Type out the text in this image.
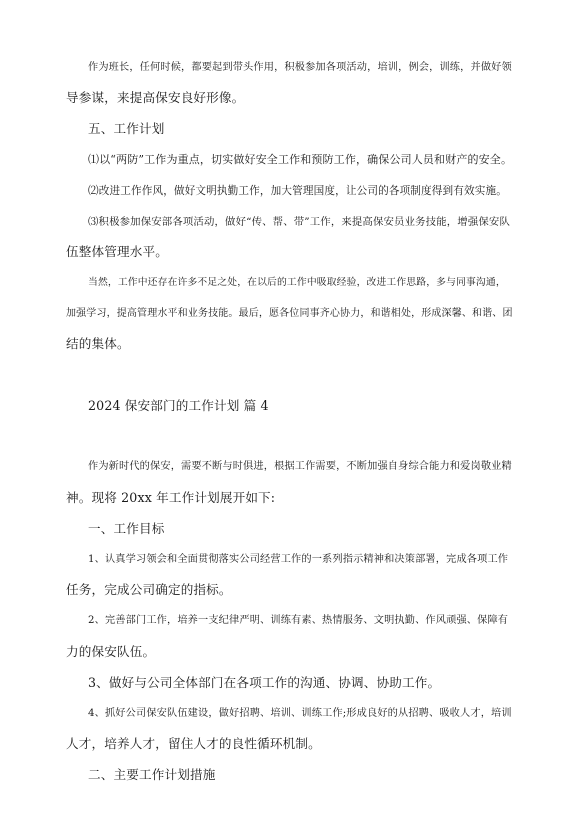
作为班长，任何时候，都要起到带头作用，积极参加各项活动，培训，例会，训练，并做好领
导参谋，来提高保安良好形像。
五、工作计划
⑴以“两防”工作为重点，切实做好安全工作和预防工作，确保公司人员和财产的安全。
⑵改进工作作风，做好文明执勤工作，加大管理国度，让公司的各项制度得到有效实施。
⑶积极参加保安部各项活动，做好“传、帮、带”工作，来提高保安员业务技能，增强保安队
伍整体管理水平。
当然，工作中还存在许多不足之处，在以后的工作中吸取经验，改进工作思路，多与同事沟通，
加强学习，提高管理水平和业务技能。最后，愿各位同事齐心协力，和谐相处，形成深馨、和谐、团
结的集体。
2024 保安部门的工作计划 篇 4
作为新时代的保安，需要不断与时俱进，根据工作需要，不断加强自身综合能力和爱岗敬业精
神。现将 20xx 年工作计划展开如下:
一、工作目标
1、认真学习领会和全面贯彻落实公司经营工作的一系列指示精神和决策部署，完成各项工作
任务，完成公司确定的指标。
2、完善部门工作，培养一支纪律严明、训练有素、热情服务、文明执勤、作风顽强、保障有
力的保安队伍。
3、做好与公司全体部门在各项工作的沟通、协调、协助工作。
4、抓好公司保安队伍建设，做好招聘、培训、训练工作;形成良好的从招聘、吸收人才，培训
人才，培养人才，留住人才的良性循环机制。
二、主要工作计划措施
